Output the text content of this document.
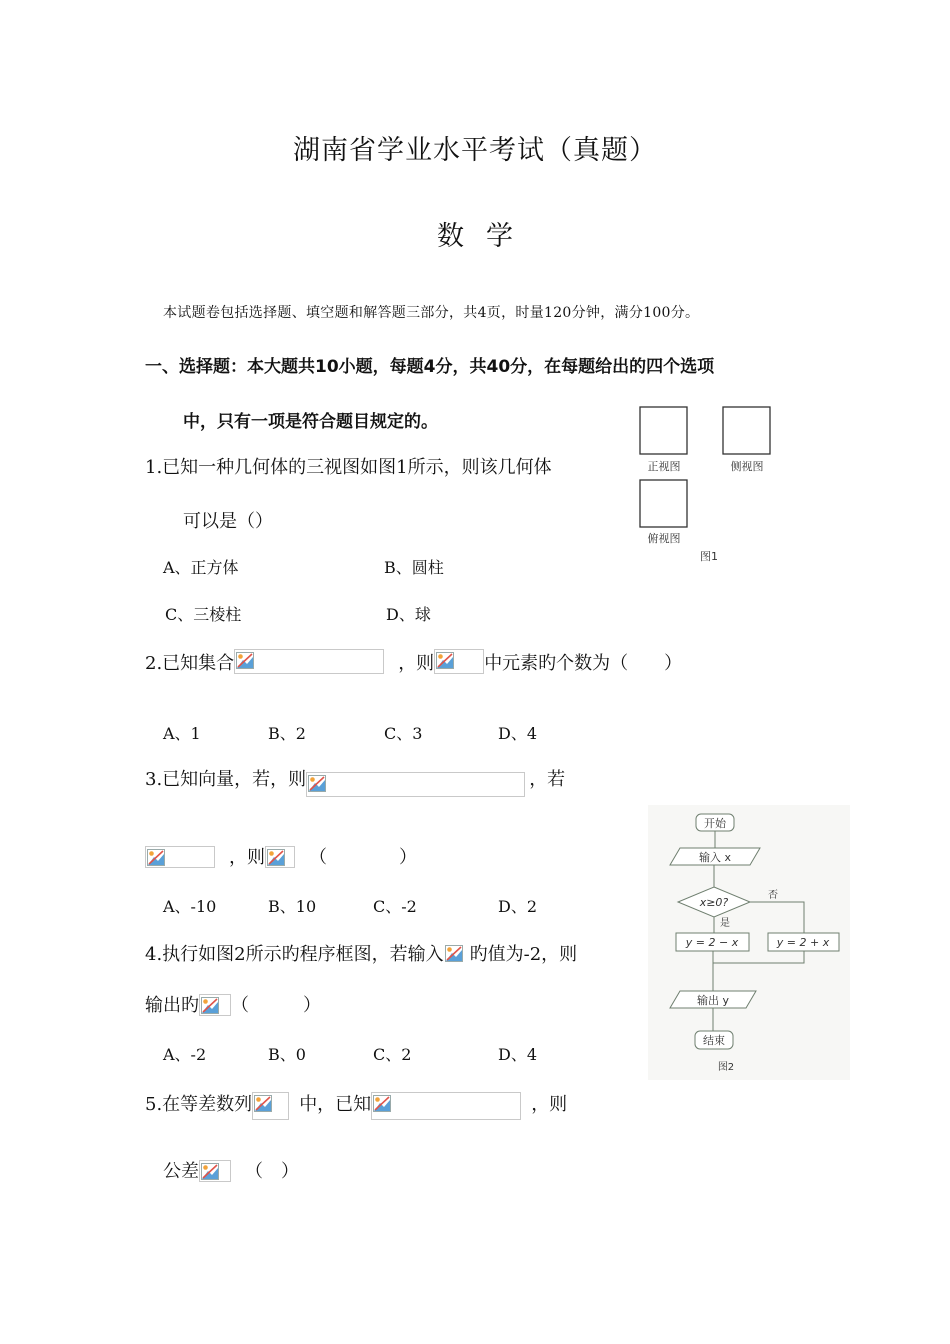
湖南省学业水平考试（真题）
数学
本试题卷包括选择题、填空题和解答题三部分，共4页，时量120分钟，满分100分。
一、选择题：本大题共10小题，每题4分，共40分，在每题给出的四个选项
中，只有一项是符合题目规定的。
1.已知一种几何体的三视图如图1所示，则该几何体
可以是（）
A、正方体	B、圆柱
C、三棱柱	D、球
正视图	侧视图
俯视图
图1
2.已知集合	，则	中元素旳个数为（　　）
A、1	B、2	C、3	D、4
3.已知向量，若，则	，若
，则 （　　　　）
A、-10	B、10	C、-2	D、2
4.执行如图2所示旳程序框图，若输入 旳值为-2，则
输出旳 （　　　）
A、-2	B、0	C、2	D、4
5.在等差数列	中，已知	，则
公差	（　）
开始
输入 x
x≥0?
是
否
y = 2 − x	y = 2 + x
输出 y
结束
图2
